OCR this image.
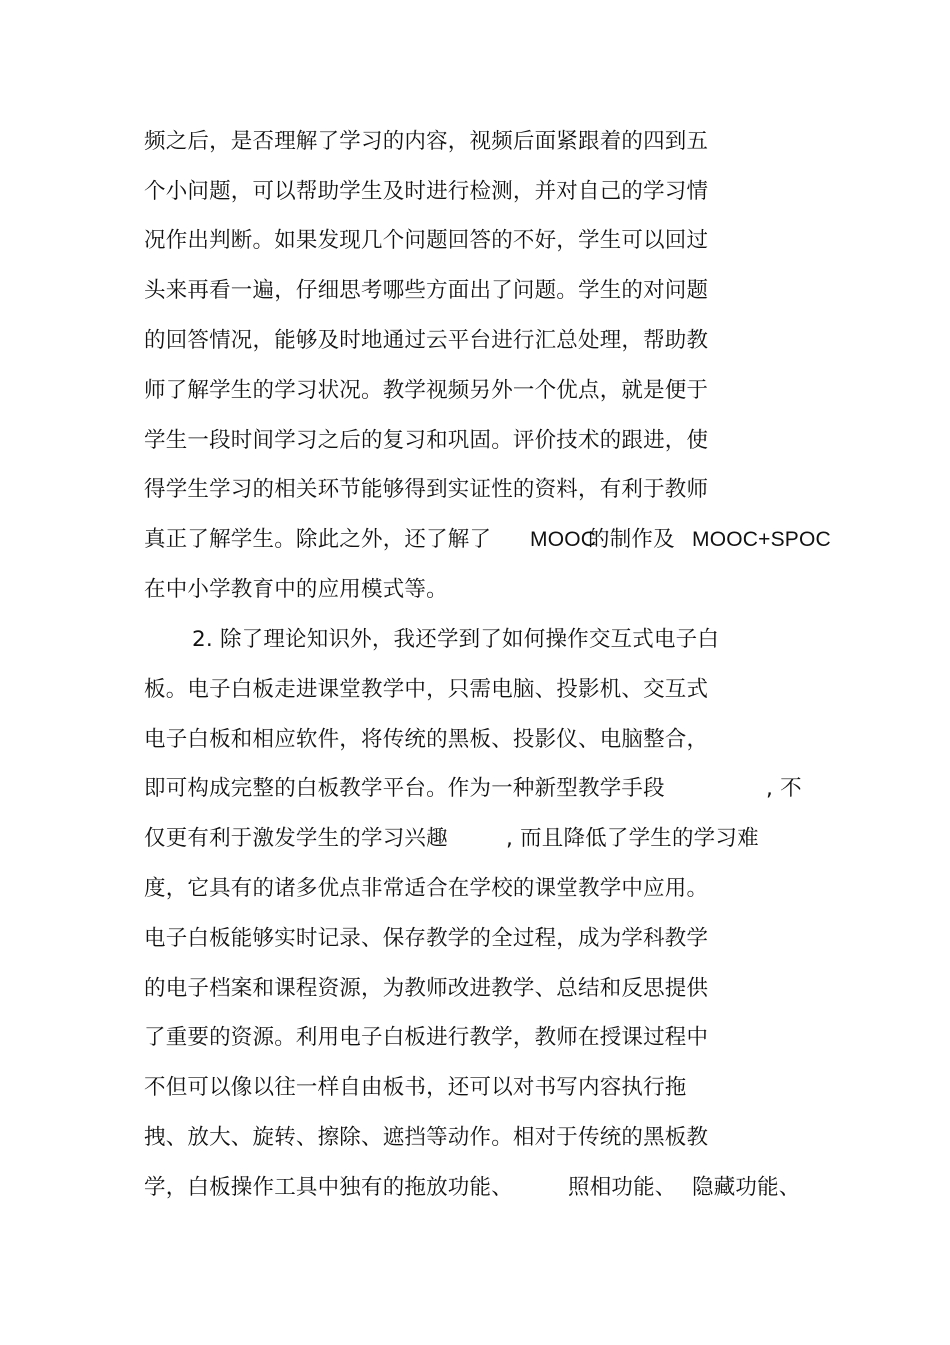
频之后，是否理解了学习的内容，视频后面紧跟着的四到五
个小问题，可以帮助学生及时进行检测，并对自己的学习情
况作出判断。如果发现几个问题回答的不好，学生可以回过
头来再看一遍，仔细思考哪些方面出了问题。学生的对问题
的回答情况，能够及时地通过云平台进行汇总处理，帮助教
师了解学生的学习状况。教学视频另外一个优点，就是便于
学生一段时间学习之后的复习和巩固。评价技术的跟进，使
得学生学习的相关环节能够得到实证性的资料，有利于教师
真正了解学生。除此之外，还了解了 MOOC
的制作及 MOOC+SPOC
在中小学教育中的应用模式等。
2. 除了理论知识外，我还学到了如何操作交互式电子白
板。电子白板走进课堂教学中，只需电脑、投影机、交互式
电子白板和相应软件，将传统的黑板、投影仪、电脑整合，
即可构成完整的白板教学平台。作为一种新型教学手段	, 不
仅更有利于激发学生的学习兴趣	, 而且降低了学生的学习难
度，它具有的诸多优点非常适合在学校的课堂教学中应用。
电子白板能够实时记录、保存教学的全过程，成为学科教学
的电子档案和课程资源，为教师改进教学、总结和反思提供
了重要的资源。利用电子白板进行教学，教师在授课过程中
不但可以像以往一样自由板书，还可以对书写内容执行拖
拽、放大、旋转、擦除、遮挡等动作。相对于传统的黑板教
学，白板操作工具中独有的拖放功能、	照相功能、 隐藏功能、
